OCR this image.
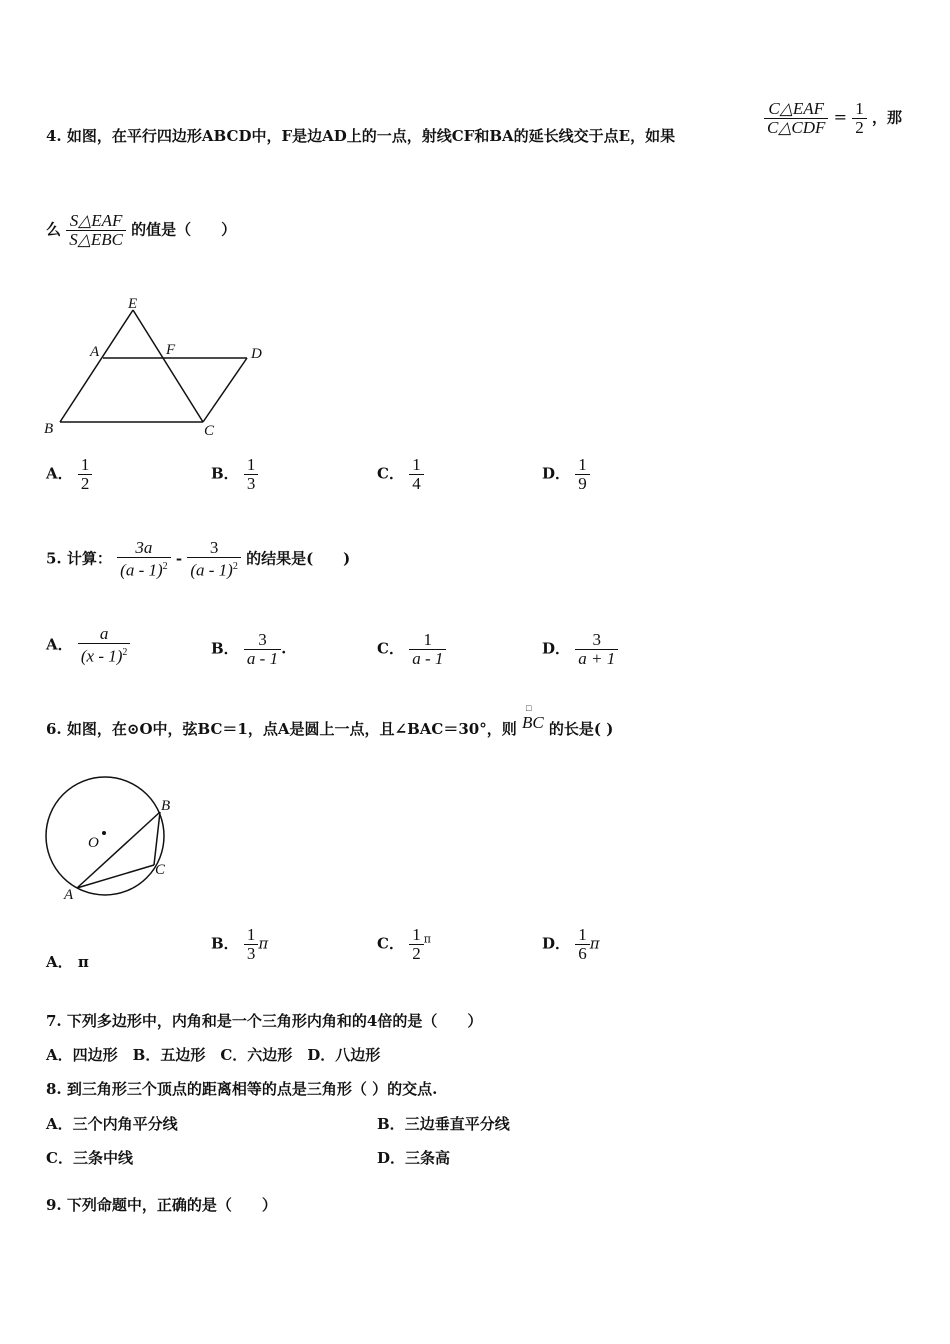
4. 如图，在平行四边形ABCD中，F是边AD上的一点，射线CF和BA的延长线交于点E，如果	$\frac{\text{C△EAF}}{\text{C△CDF}} = \frac{1}{2}$ ，那
么 $\frac{\text{S△EAF}}{\text{S△EBC}}$ 的值是（　　）
E
A	F	D
B	C
A． $\frac{1}{2}$	B． $\frac{1}{3}$	C． $\frac{1}{4}$	D． $\frac{1}{9}$
5. 计算： $\frac{3a}{(a - 1)^2} - \frac{3}{(a - 1)^2}$ 的结果是(　　)
A． $\frac{a}{(x - 1)^2}$	B． $\frac{3}{a - 1}$ .	C． $\frac{1}{a - 1}$	D． $\frac{3}{a + 1}$
6. 如图，在⊙O中，弦BC＝1，点A是圆上一点，且∠BAC＝30°，则
□
BC 的长是( )
O
B
C
A
A． π
B． $\frac{1}{3}$ π	C． $\frac{1}{2} ^\pi$	D． $\frac{1}{6}$ π
7. 下列多边形中，内角和是一个三角形内角和的4倍的是（　　）
A．四边形　B．五边形　C．六边形　D．八边形
8. 到三角形三个顶点的距离相等的点是三角形（ ）的交点.
A．三个内角平分线	B．三边垂直平分线
C．三条中线	D．三条高
9. 下列命题中，正确的是（　　）
